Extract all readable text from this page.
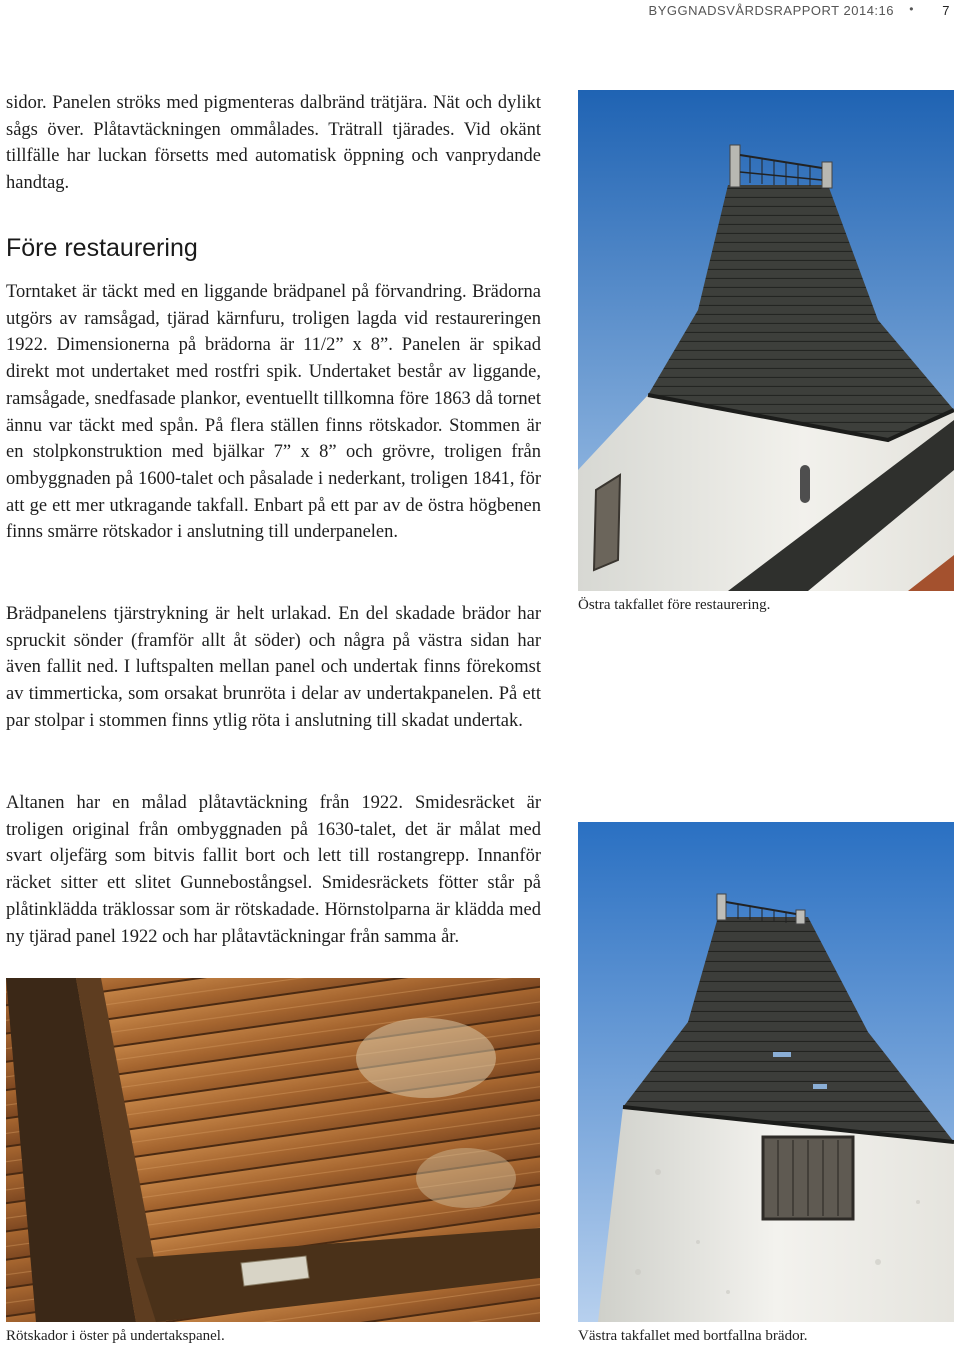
BYGGNADSVÅRDSRAPPORT 2014:16 • 7

sidor. Panelen ströks med pigmenteras dalbränd trätjära. Nät och dylikt sågs över. Plåtavtäckningen ommålades. Trätrall tjärades. Vid okänt tillfälle har luckan försetts med automatisk öppning och vanprydande handtag.

Före restaurering

Torntaket är täckt med en liggande brädpanel på förvandring. Brädorna utgörs av ramsågad, tjärad kärnfuru, troligen lagda vid restaureringen 1922. Dimensionerna på brädorna är 11/2” x 8”. Panelen är spikad direkt mot undertaket med rostfri spik. Undertaket består av liggande, ramsågade, snedfasade plankor, eventuellt tillkomna före 1863 då tornet ännu var täckt med spån. På flera ställen finns rötskador. Stommen är en stolpkonstruktion med bjälkar 7” x 8” och grövre, troligen från ombyggnaden på 1600-talet och påsalade i nederkant, troligen 1841, för att ge ett mer utkragande takfall. Enbart på ett par av de östra högbenen finns smärre rötskador i anslutning till underpanelen.

Brädpanelens tjärstrykning är helt urlakad. En del skadade brädor har spruckit sönder (framför allt åt söder) och några på västra sidan har även fallit ned. I luftspalten mellan panel och undertak finns förekomst av timmerticka, som orsakat brunröta i delar av undertakpanelen. På ett par stolpar i stommen finns ytlig röta i anslutning till skadat undertak.

Altanen har en målad plåtavtäckning från 1922. Smidesräcket är troligen original från ombyggnaden på 1630-talet, det är målat med svart oljefärg som bitvis fallit bort och lett till rostangrepp. Innanför räcket sitter ett slitet Gunnebostångsel. Smidesräckets fötter står på plåtinklädda träklossar som är rötskadade. Hörnstolparna är klädda med ny tjärad panel 1922 och har plåtavtäckningar från samma år.

Östra takfallet före restaurering.

Rötskador i öster på undertakspanel.	Västra takfallet med bortfallna brädor.
